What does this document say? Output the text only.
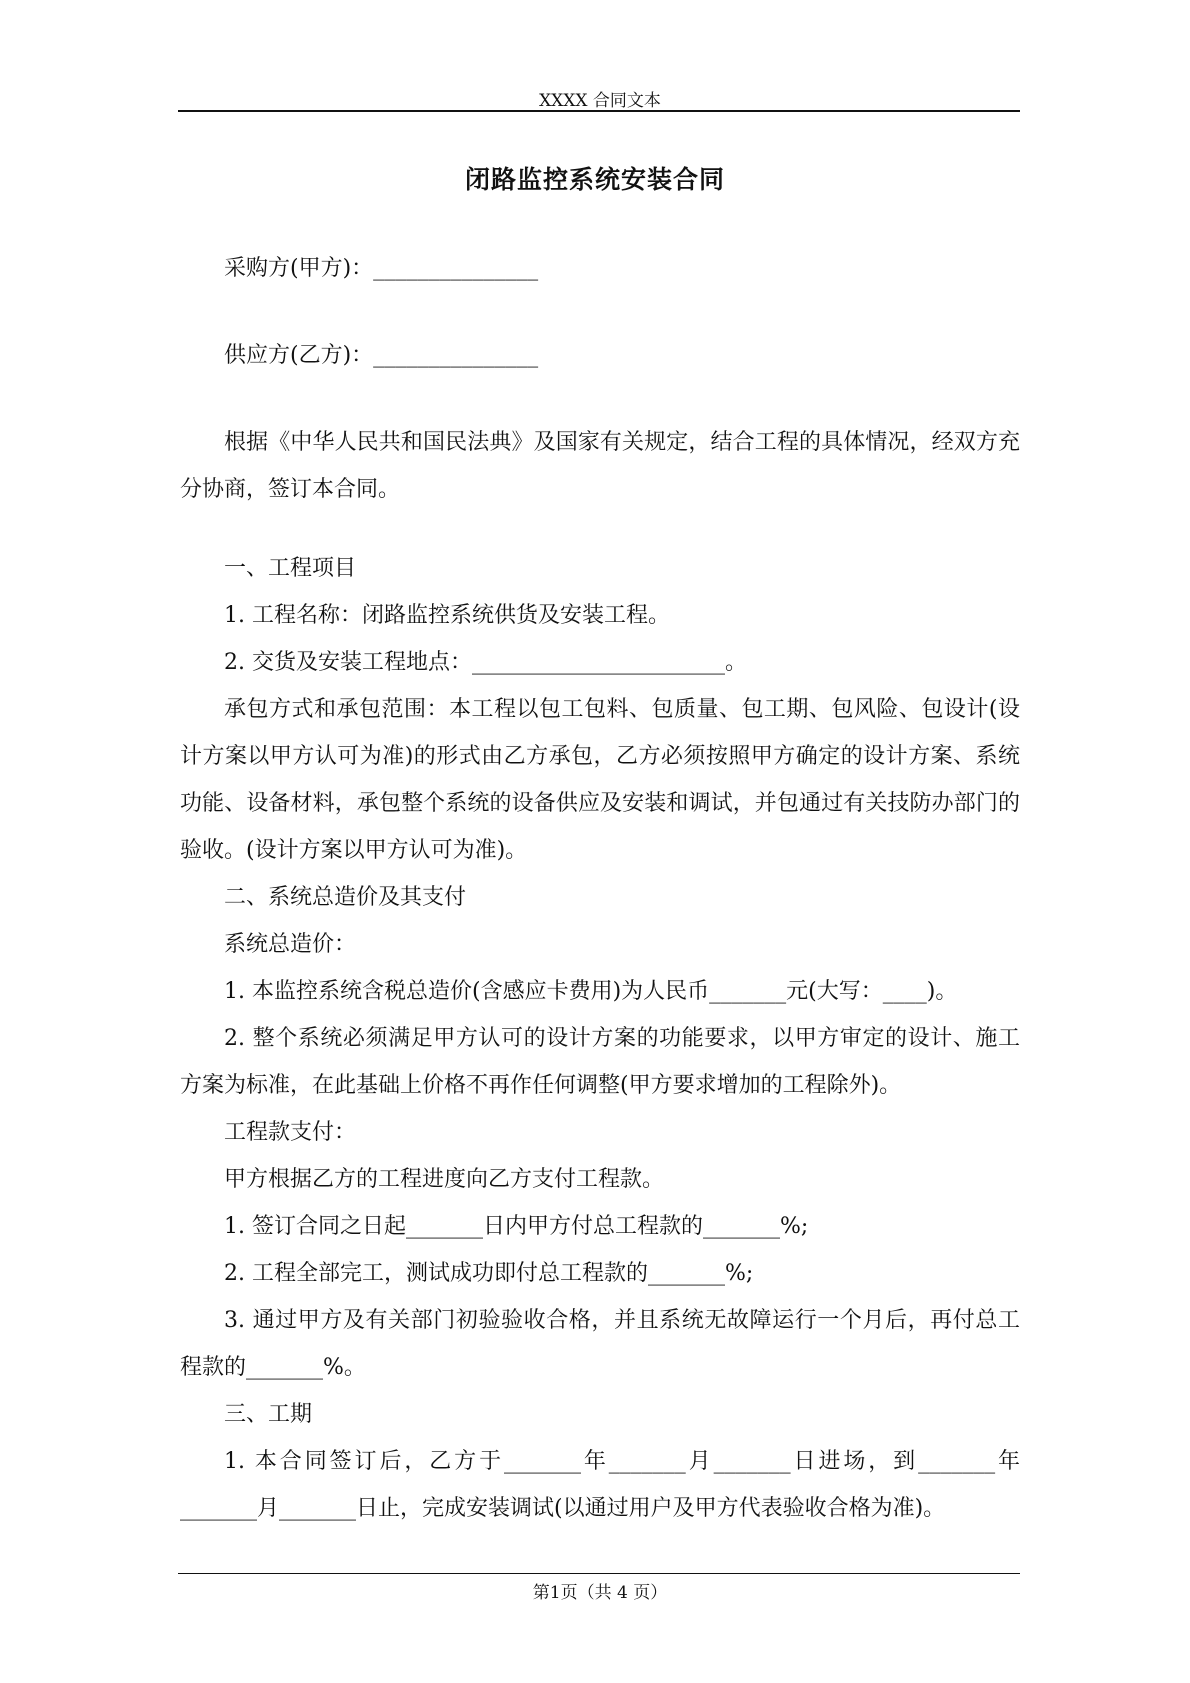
XXXX 合同文本
闭路监控系统安装合同

采购方(甲方)：_______________

供应方(乙方)：_______________

根据《中华人民共和国民法典》及国家有关规定，结合工程的具体情况，经双方充分协商，签订本合同。

一、工程项目

1. 工程名称：闭路监控系统供货及安装工程。

2. 交货及安装工程地点：_______________________。

承包方式和承包范围：本工程以包工包料、包质量、包工期、包风险、包设计(设计方案以甲方认可为准)的形式由乙方承包，乙方必须按照甲方确定的设计方案、系统功能、设备材料，承包整个系统的设备供应及安装和调试，并包通过有关技防办部门的验收。(设计方案以甲方认可为准)。

二、系统总造价及其支付

系统总造价：

1. 本监控系统含税总造价(含感应卡费用)为人民币_______元(大写：____)。

2. 整个系统必须满足甲方认可的设计方案的功能要求，以甲方审定的设计、施工方案为标准，在此基础上价格不再作任何调整(甲方要求增加的工程除外)。

工程款支付：

甲方根据乙方的工程进度向乙方支付工程款。

1. 签订合同之日起_______日内甲方付总工程款的_______%;

2. 工程全部完工，测试成功即付总工程款的_______%;

3. 通过甲方及有关部门初验验收合格，并且系统无故障运行一个月后，再付总工程款的_______%。

三、工期

1. 本合同签订后，乙方于_______年_______月_______日进场，到_______年_______月_______日止，完成安装调试(以通过用户及甲方代表验收合格为准)。

第1页（共 4 页）
